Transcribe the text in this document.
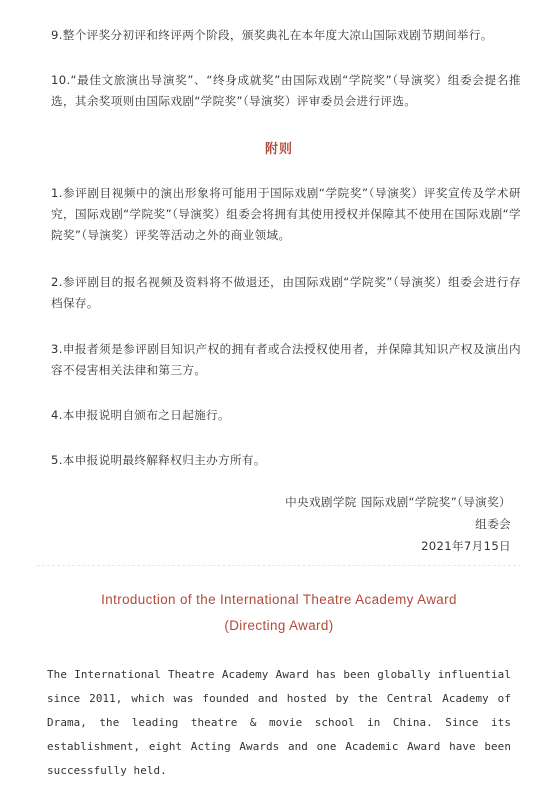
9.整个评奖分初评和终评两个阶段，颁奖典礼在本年度大凉山国际戏剧节期间举行。

10.“最佳文旅演出导演奖”、“终身成就奖”由国际戏剧“学院奖”（导演奖）组委会提名推选，其余奖项则由国际戏剧“学院奖”（导演奖）评审委员会进行评选。

附则

1.参评剧目视频中的演出形象将可能用于国际戏剧“学院奖”（导演奖）评奖宣传及学术研究，国际戏剧“学院奖”（导演奖）组委会将拥有其使用授权并保障其不使用在国际戏剧“学院奖”（导演奖）评奖等活动之外的商业领域。

2.参评剧目的报名视频及资料将不做退还，由国际戏剧“学院奖”（导演奖）组委会进行存档保存。

3.申报者须是参评剧目知识产权的拥有者或合法授权使用者，并保障其知识产权及演出内容不侵害相关法律和第三方。

4.本申报说明自颁布之日起施行。

5.本申报说明最终解释权归主办方所有。

中央戏剧学院 国际戏剧“学院奖”（导演奖）
组委会
2021年7月15日
Introduction of the International Theatre Academy Award
(Directing Award)

The International Theatre Academy Award has been globally influential since 2011, which was founded and hosted by the Central Academy of Drama, the leading theatre & movie school in China. Since its establishment, eight Acting Awards and one Academic Award have been successfully held.
